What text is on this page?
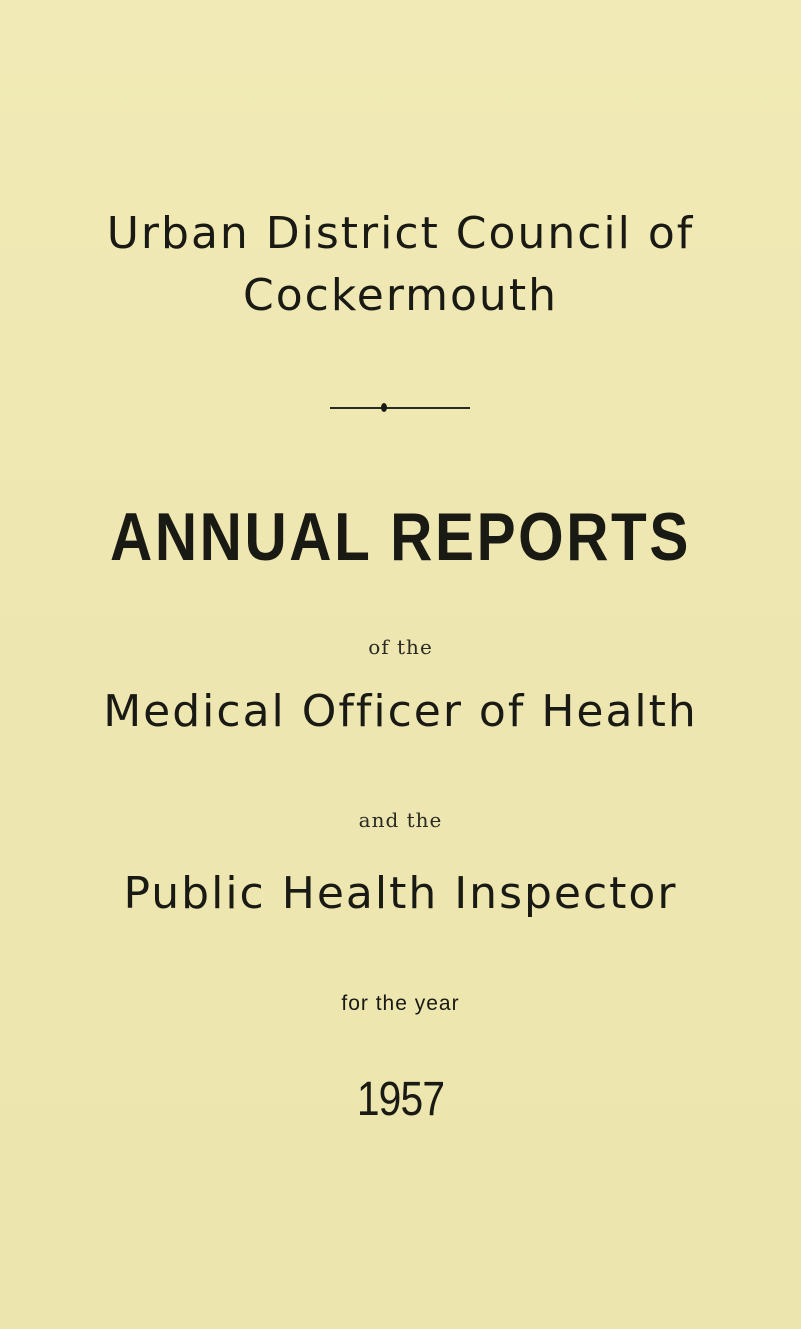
Urban District Council of
Cockermouth
ANNUAL REPORTS
of the
Medical Officer of Health
and the
Public Health Inspector
for the year
1957
